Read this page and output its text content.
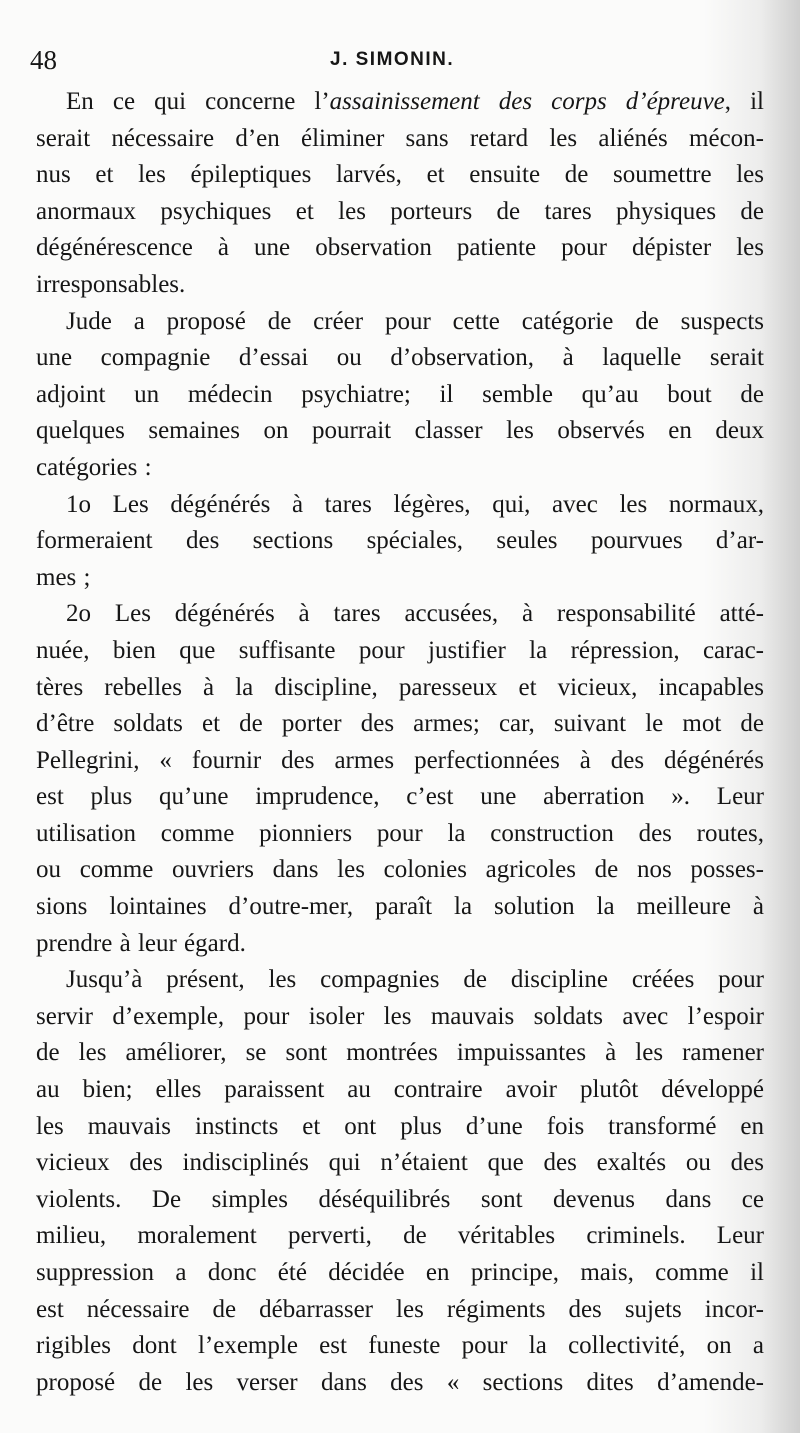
48	J. SIMONIN.
En ce qui concerne l’assainissement des corps d’épreuve, il
serait nécessaire d’en éliminer sans retard les aliénés mécon-
nus et les épileptiques larvés, et ensuite de soumettre les
anormaux psychiques et les porteurs de tares physiques de
dégénérescence à une observation patiente pour dépister les
irresponsables.
Jude a proposé de créer pour cette catégorie de suspects
une compagnie d’essai ou d’observation, à laquelle serait
adjoint un médecin psychiatre; il semble qu’au bout de
quelques semaines on pourrait classer les observés en deux
catégories :
1o Les dégénérés à tares légères, qui, avec les normaux,
formeraient des sections spéciales, seules pourvues d’ar-
mes ;
2o Les dégénérés à tares accusées, à responsabilité atté-
nuée, bien que suffisante pour justifier la répression, carac-
tères rebelles à la discipline, paresseux et vicieux, incapables
d’être soldats et de porter des armes; car, suivant le mot de
Pellegrini, « fournir des armes perfectionnées à des dégénérés
est plus qu’une imprudence, c’est une aberration ». Leur
utilisation comme pionniers pour la construction des routes,
ou comme ouvriers dans les colonies agricoles de nos posses-
sions lointaines d’outre-mer, paraît la solution la meilleure à
prendre à leur égard.
Jusqu’à présent, les compagnies de discipline créées pour
servir d’exemple, pour isoler les mauvais soldats avec l’espoir
de les améliorer, se sont montrées impuissantes à les ramener
au bien; elles paraissent au contraire avoir plutôt développé
les mauvais instincts et ont plus d’une fois transformé en
vicieux des indisciplinés qui n’étaient que des exaltés ou des
violents. De simples déséquilibrés sont devenus dans ce
milieu, moralement perverti, de véritables criminels. Leur
suppression a donc été décidée en principe, mais, comme il
est nécessaire de débarrasser les régiments des sujets incor-
rigibles dont l’exemple est funeste pour la collectivité, on a
proposé de les verser dans des « sections dites d’amende-
